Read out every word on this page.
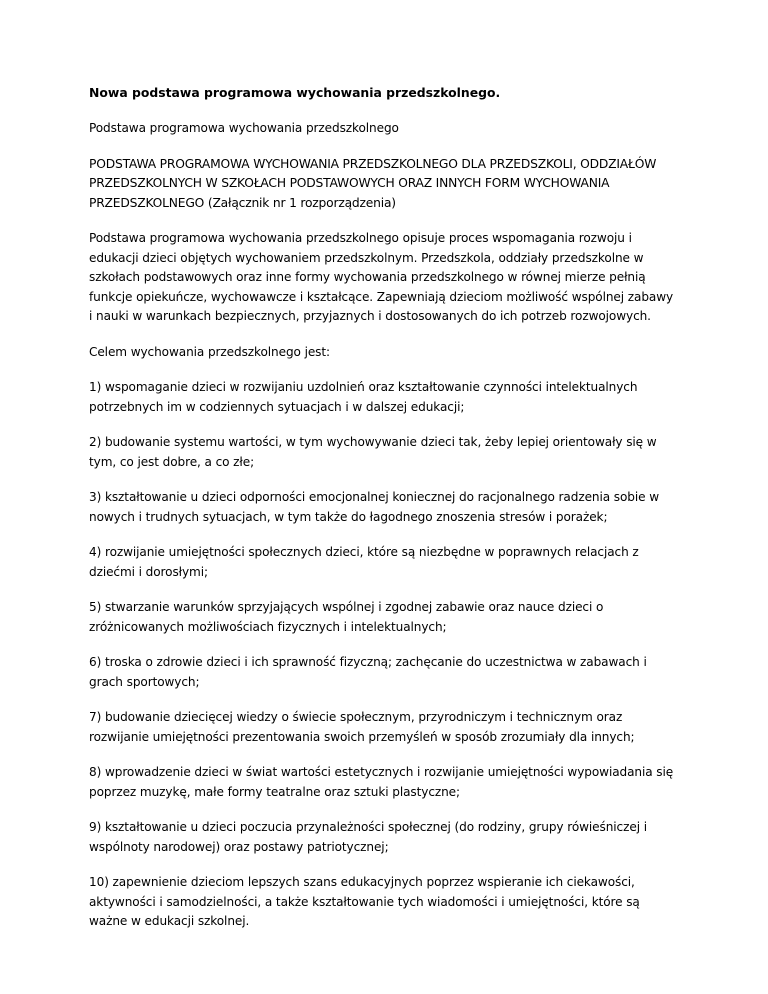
Nowa podstawa programowa wychowania przedszkolnego.

Podstawa programowa wychowania przedszkolnego

PODSTAWA PROGRAMOWA WYCHOWANIA PRZEDSZKOLNEGO DLA PRZEDSZKOLI, ODDZIAŁÓW PRZEDSZKOLNYCH W SZKOŁACH PODSTAWOWYCH ORAZ INNYCH FORM WYCHOWANIA PRZEDSZKOLNEGO (Załącznik nr 1 rozporządzenia)

Podstawa programowa wychowania przedszkolnego opisuje proces wspomagania rozwoju i edukacji dzieci objętych wychowaniem przedszkolnym. Przedszkola, oddziały przedszkolne w szkołach podstawowych oraz inne formy wychowania przedszkolnego w równej mierze pełnią funkcje opiekuńcze, wychowawcze i kształcące. Zapewniają dzieciom możliwość wspólnej zabawy i nauki w warunkach bezpiecznych, przyjaznych i dostosowanych do ich potrzeb rozwojowych.

Celem wychowania przedszkolnego jest:

1) wspomaganie dzieci w rozwijaniu uzdolnień oraz kształtowanie czynności intelektualnych potrzebnych im w codziennych sytuacjach i w dalszej edukacji;

2) budowanie systemu wartości, w tym wychowywanie dzieci tak, żeby lepiej orientowały się w tym, co jest dobre, a co złe;

3) kształtowanie u dzieci odporności emocjonalnej koniecznej do racjonalnego radzenia sobie w nowych i trudnych sytuacjach, w tym także do łagodnego znoszenia stresów i porażek;

4) rozwijanie umiejętności społecznych dzieci, które są niezbędne w poprawnych relacjach z dziećmi i dorosłymi;

5) stwarzanie warunków sprzyjających wspólnej i zgodnej zabawie oraz nauce dzieci o zróżnicowanych możliwościach fizycznych i intelektualnych;

6) troska o zdrowie dzieci i ich sprawność fizyczną; zachęcanie do uczestnictwa w zabawach i grach sportowych;

7) budowanie dziecięcej wiedzy o świecie społecznym, przyrodniczym i technicznym oraz rozwijanie umiejętności prezentowania swoich przemyśleń w sposób zrozumiały dla innych;

8) wprowadzenie dzieci w świat wartości estetycznych i rozwijanie umiejętności wypowiadania się poprzez muzykę, małe formy teatralne oraz sztuki plastyczne;

9) kształtowanie u dzieci poczucia przynależności społecznej (do rodziny, grupy rówieśniczej i wspólnoty narodowej) oraz postawy patriotycznej;

10) zapewnienie dzieciom lepszych szans edukacyjnych poprzez wspieranie ich ciekawości, aktywności i samodzielności, a także kształtowanie tych wiadomości i umiejętności, które są ważne w edukacji szkolnej.
